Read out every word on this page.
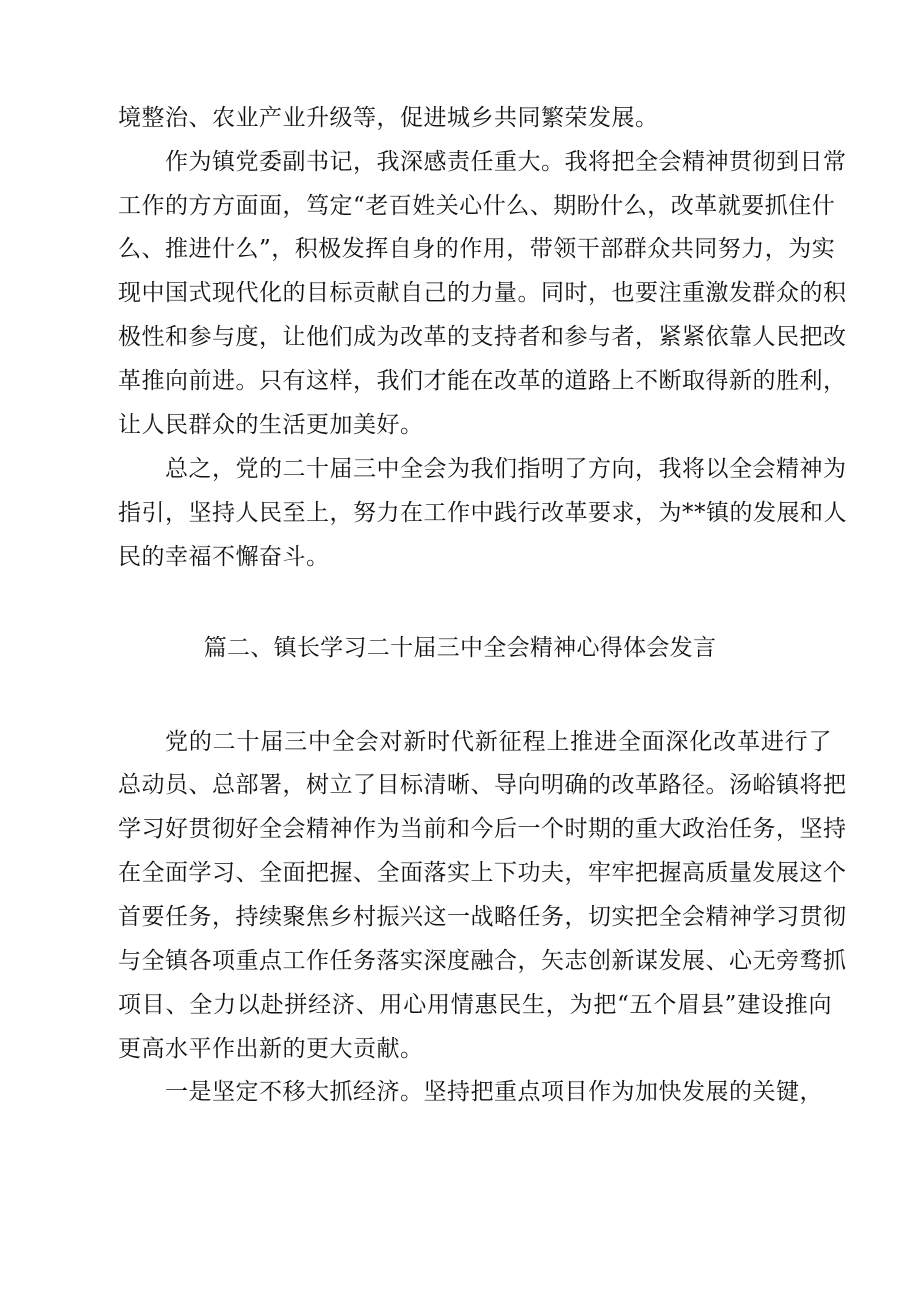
境整治、农业产业升级等，促进城乡共同繁荣发展。
作为镇党委副书记，我深感责任重大。我将把全会精神贯彻到日常
工作的方方面面，笃定“老百姓关心什么、期盼什么，改革就要抓住什
么、推进什么”，积极发挥自身的作用，带领干部群众共同努力，为实
现中国式现代化的目标贡献自己的力量。同时，也要注重激发群众的积
极性和参与度，让他们成为改革的支持者和参与者，紧紧依靠人民把改
革推向前进。只有这样，我们才能在改革的道路上不断取得新的胜利，
让人民群众的生活更加美好。
总之，党的二十届三中全会为我们指明了方向，我将以全会精神为
指引，坚持人民至上，努力在工作中践行改革要求，为**镇的发展和人
民的幸福不懈奋斗。
篇二、镇长学习二十届三中全会精神心得体会发言
党的二十届三中全会对新时代新征程上推进全面深化改革进行了
总动员、总部署，树立了目标清晰、导向明确的改革路径。汤峪镇将把
学习好贯彻好全会精神作为当前和今后一个时期的重大政治任务，坚持
在全面学习、全面把握、全面落实上下功夫，牢牢把握高质量发展这个
首要任务，持续聚焦乡村振兴这一战略任务，切实把全会精神学习贯彻
与全镇各项重点工作任务落实深度融合，矢志创新谋发展、心无旁骛抓
项目、全力以赴拼经济、用心用情惠民生，为把“五个眉县”建设推向
更高水平作出新的更大贡献。
一是坚定不移大抓经济。坚持把重点项目作为加快发展的关键，
